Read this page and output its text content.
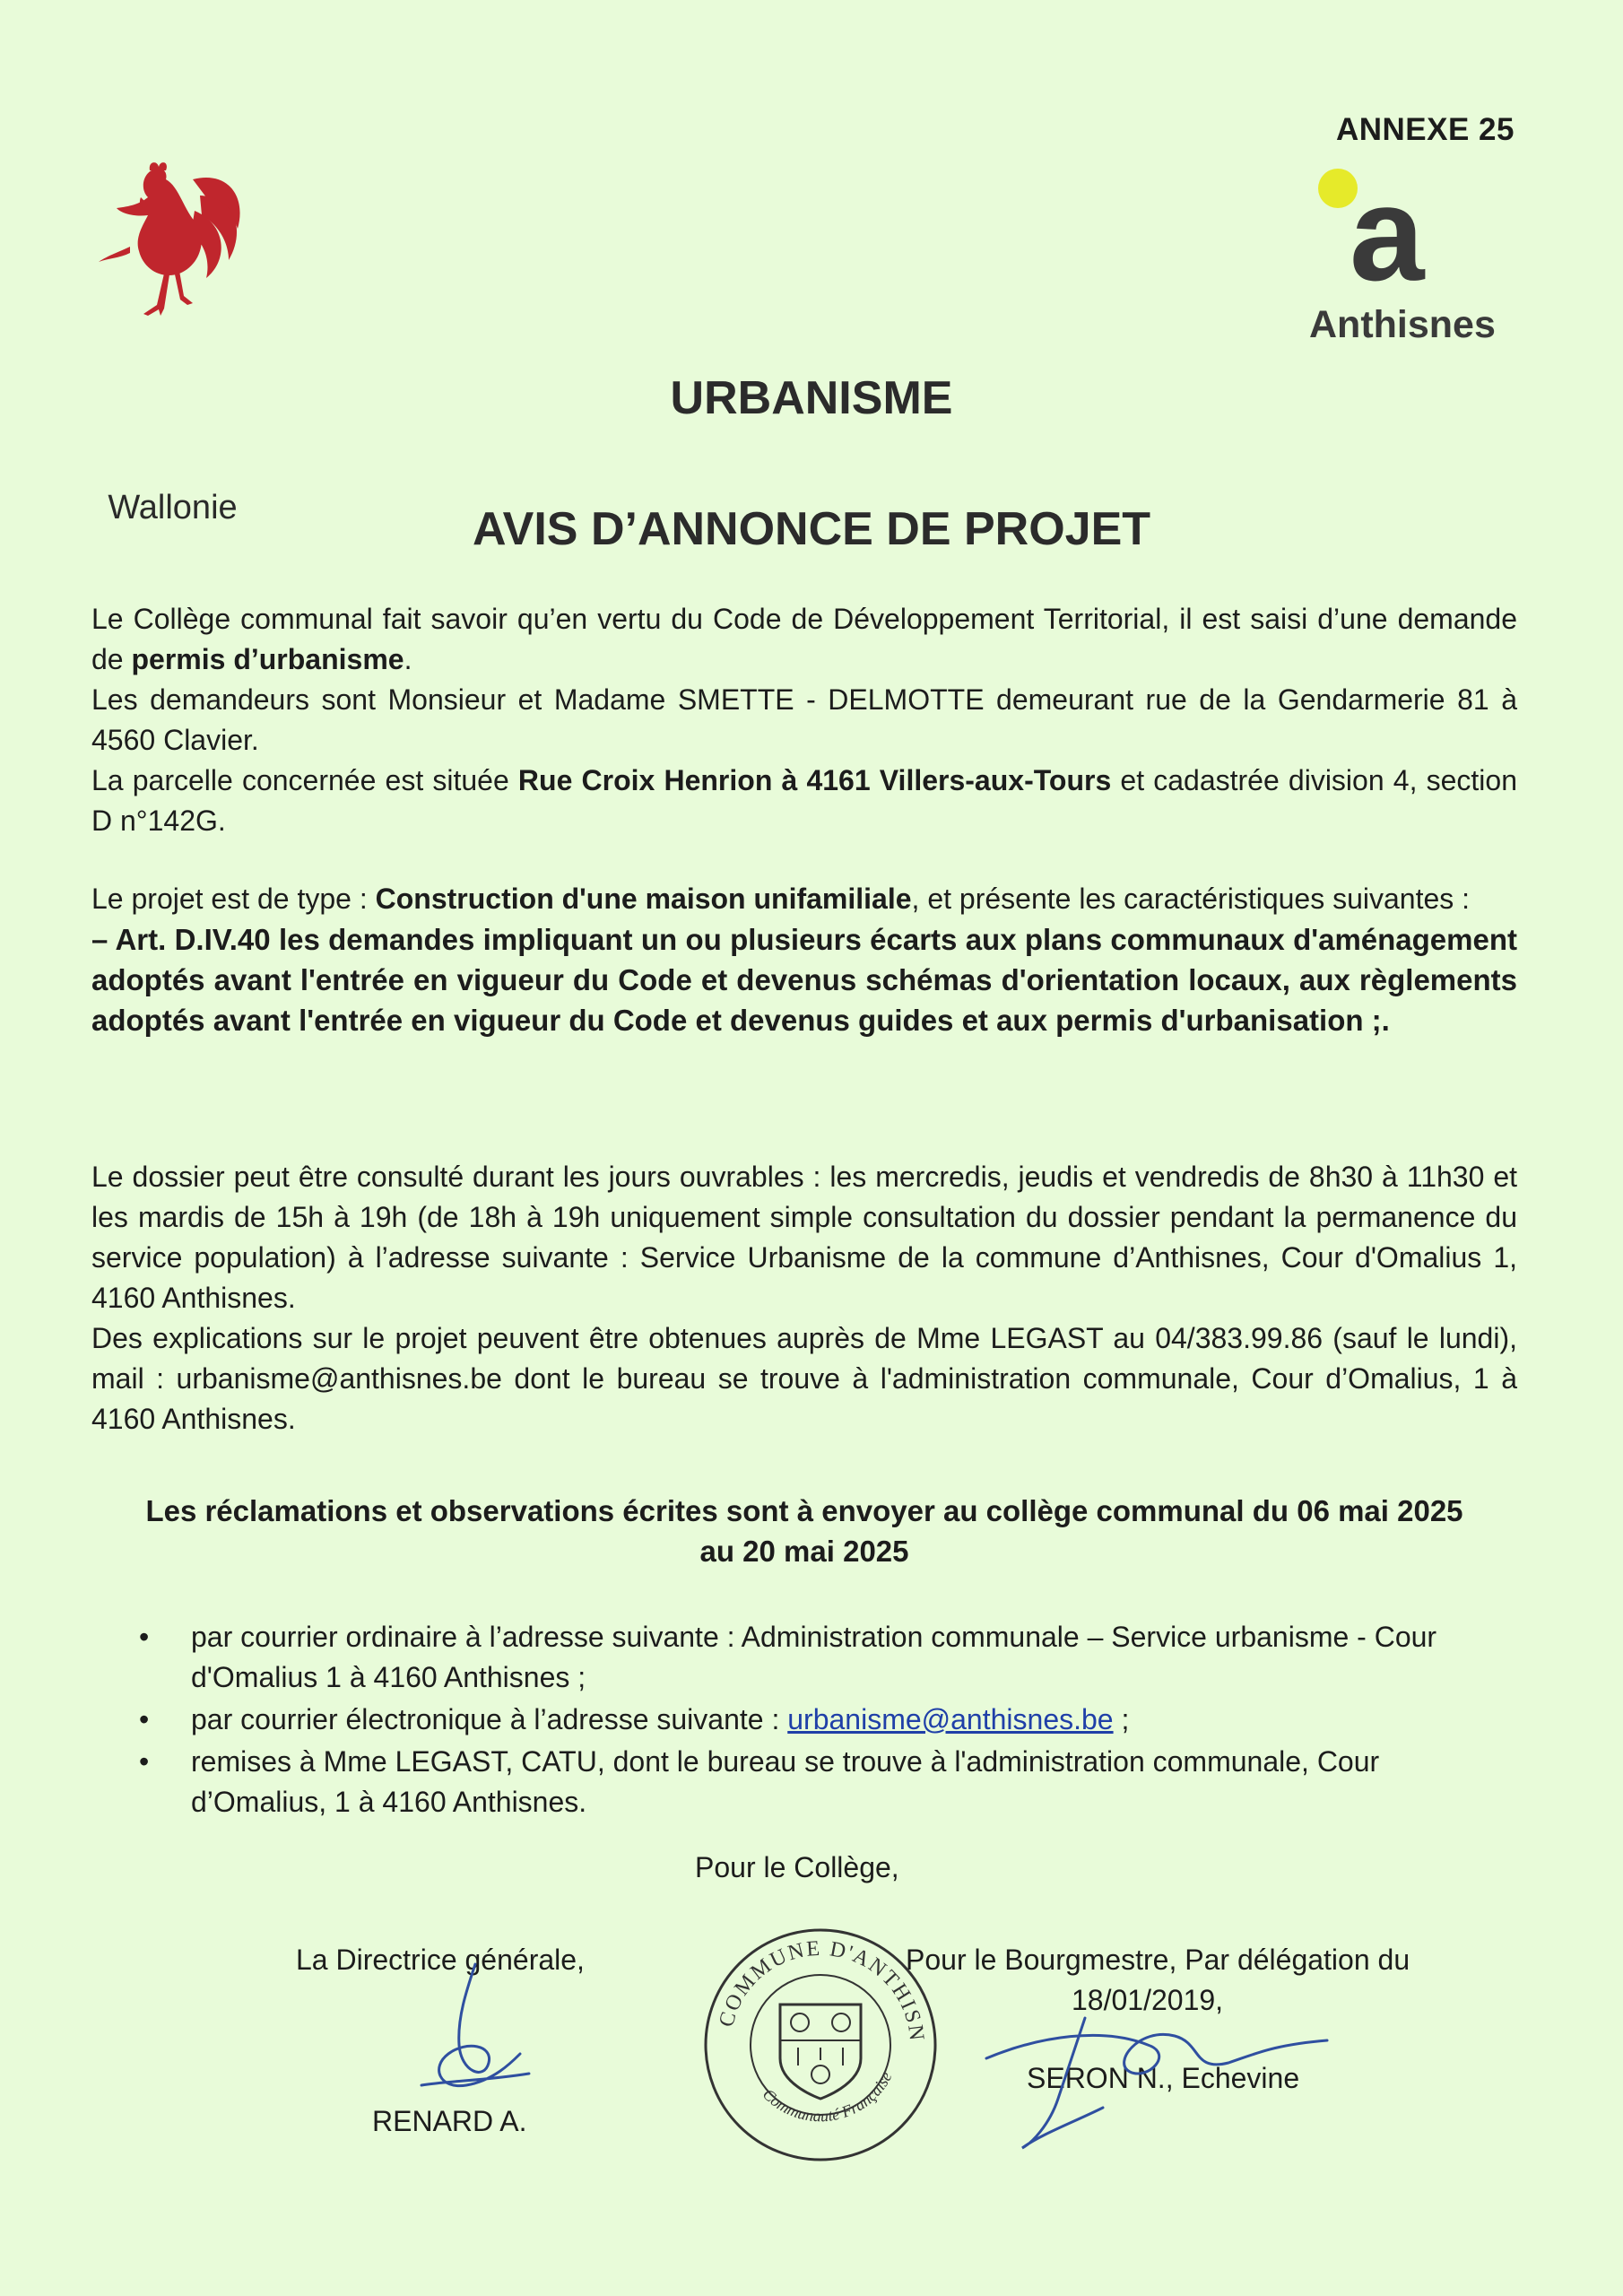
Wallonie
ANNEXE 25
a
Anthisnes
URBANISME
AVIS D’ANNONCE DE PROJET

Le Collège communal fait savoir qu’en vertu du Code de Développement Territorial, il est saisi d’une demande de permis d’urbanisme.

Les demandeurs sont Monsieur et Madame SMETTE - DELMOTTE demeurant rue de la Gendarmerie 81 à 4560 Clavier.

La parcelle concernée est située Rue Croix Henrion à 4161 Villers-aux-Tours et cadastrée division 4, section D n°142G.

Le projet est de type : Construction d'une maison unifamiliale, et présente les caractéristiques suivantes :

– Art. D.IV.40 les demandes impliquant un ou plusieurs écarts aux plans communaux d'aménagement adoptés avant l'entrée en vigueur du Code et devenus schémas d'orientation locaux, aux règlements adoptés avant l'entrée en vigueur du Code et devenus guides et aux permis d'urbanisation ;.

Le dossier peut être consulté durant les jours ouvrables : les mercredis, jeudis et vendredis de 8h30 à 11h30 et les mardis de 15h à 19h (de 18h à 19h uniquement simple consultation du dossier pendant la permanence du service population) à l’adresse suivante : Service Urbanisme de la commune d’Anthisnes, Cour d'Omalius 1, 4160 Anthisnes.

Des explications sur le projet peuvent être obtenues auprès de Mme LEGAST au 04/383.99.86 (sauf le lundi), mail : urbanisme@anthisnes.be dont le bureau se trouve à l'administration communale, Cour d’Omalius, 1 à 4160 Anthisnes.

Les réclamations et observations écrites sont à envoyer au collège communal du 06 mai 2025
au 20 mai 2025
• par courrier ordinaire à l’adresse suivante : Administration communale – Service urbanisme - Cour d'Omalius 1 à 4160 Anthisnes ;
• par courrier électronique à l’adresse suivante : urbanisme@anthisnes.be ;
• remises à Mme LEGAST, CATU, dont le bureau se trouve à l'administration communale, Cour d’Omalius, 1 à 4160 Anthisnes.
Pour le Collège,
La Directrice générale,
RENARD A.
Pour le Bourgmestre, Par délégation du
18/01/2019,
SERON N., Echevine
COMMUNE D'ANTHISN
Communauté Française
